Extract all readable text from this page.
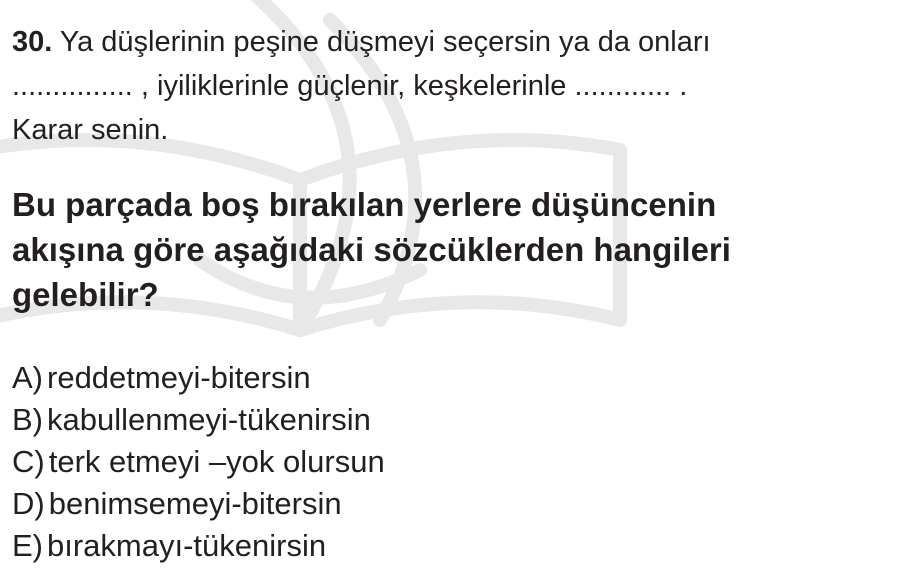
30. Ya düşlerinin peşine düşmeyi seçersin ya da onları
............... , iyiliklerinle güçlenir, keşkelerinle ............ .
Karar senin.

Bu parçada boş bırakılan yerlere düşüncenin
akışına göre aşağıdaki sözcüklerden hangileri
gelebilir?

A) reddetmeyi-bitersin
B) kabullenmeyi-tükenirsin
C) terk etmeyi –yok olursun
D) benimsemeyi-bitersin
E) bırakmayı-tükenirsin
